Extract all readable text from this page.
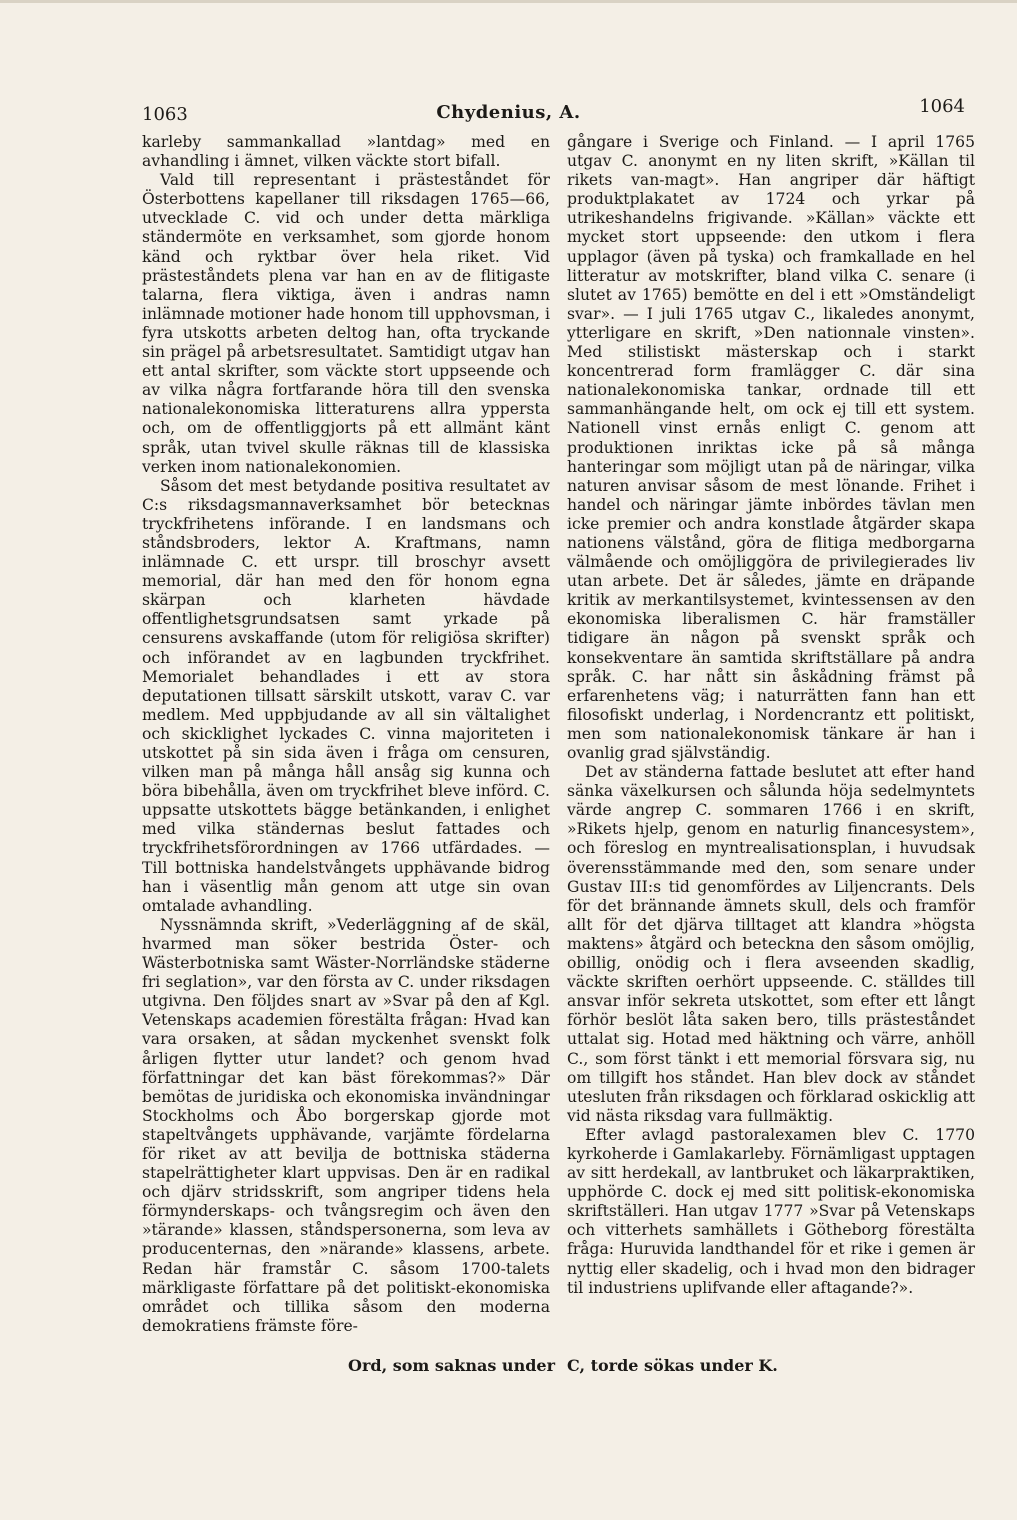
1063	Chydenius, A.	1064

karleby sammankallad »lantdag» med en avhandling i ämnet, vilken väckte stort bifall.

Vald till representant i prästeståndet för Österbottens kapellaner till riksdagen 1765—66, utvecklade C. vid och under detta märkliga ständermöte en verksamhet, som gjorde honom känd och ryktbar över hela riket. Vid prästeståndets plena var han en av de flitigaste talarna, flera viktiga, även i andras namn inlämnade motioner hade honom till upphovsman, i fyra utskotts arbeten deltog han, ofta tryckande sin prägel på arbetsresultatet. Samtidigt utgav han ett antal skrifter, som väckte stort uppseende och av vilka några fortfarande höra till den svenska nationalekonomiska litteraturens allra yppersta och, om de offentliggjorts på ett allmänt känt språk, utan tvivel skulle räknas till de klassiska verken inom nationalekonomien.

Såsom det mest betydande positiva resultatet av C:s riksdagsmannaverksamhet bör betecknas tryckfrihetens införande. I en landsmans och ståndsbroders, lektor A. Kraftmans, namn inlämnade C. ett urspr. till broschyr avsett memorial, där han med den för honom egna skärpan och klarheten hävdade offentlighetsgrundsatsen samt yrkade på censurens avskaffande (utom för religiösa skrifter) och införandet av en lagbunden tryckfrihet. Memorialet behandlades i ett av stora deputationen tillsatt särskilt utskott, varav C. var medlem. Med uppbjudande av all sin vältalighet och skicklighet lyckades C. vinna majoriteten i utskottet på sin sida även i fråga om censuren, vilken man på många håll ansåg sig kunna och böra bibehålla, även om tryckfrihet bleve införd. C. uppsatte utskottets bägge betänkanden, i enlighet med vilka ständernas beslut fattades och tryckfrihetsförordningen av 1766 utfärdades. — Till bottniska handelstvångets upphävande bidrog han i väsentlig mån genom att utge sin ovan omtalade avhandling.

Nyssnämnda skrift, »Vederläggning af de skäl, hvarmed man söker bestrida Öster- och Wästerbotniska samt Wäster-Norrländske städerne fri seglation», var den första av C. under riksdagen utgivna. Den följdes snart av »Svar på den af Kgl. Vetenskaps academien förestälta frågan: Hvad kan vara orsaken, at sådan myckenhet svenskt folk årligen flytter utur landet? och genom hvad författningar det kan bäst förekommas?» Där bemötas de juridiska och ekonomiska invändningar Stockholms och Åbo borgerskap gjorde mot stapeltvångets upphävande, varjämte fördelarna för riket av att bevilja de bottniska städerna stapelrättigheter klart uppvisas. Den är en radikal och djärv stridsskrift, som angriper tidens hela förmynderskaps- och tvångsregim och även den »tärande» klassen, ståndspersonerna, som leva av producenternas, den »närande» klassens, arbete. Redan här framstår C. såsom 1700-talets märkligaste författare på det politiskt-ekonomiska området och tillika såsom den moderna demokratiens främste före-

gångare i Sverige och Finland. — I april 1765 utgav C. anonymt en ny liten skrift, »Källan til rikets van-magt». Han angriper där häftigt produktplakatet av 1724 och yrkar på utrikeshandelns frigivande. »Källan» väckte ett mycket stort uppseende: den utkom i flera upplagor (även på tyska) och framkallade en hel litteratur av motskrifter, bland vilka C. senare (i slutet av 1765) bemötte en del i ett »Omständeligt svar». — I juli 1765 utgav C., likaledes anonymt, ytterligare en skrift, »Den nationnale vinsten». Med stilistiskt mästerskap och i starkt koncentrerad form framlägger C. där sina nationalekonomiska tankar, ordnade till ett sammanhängande helt, om ock ej till ett system. Nationell vinst ernås enligt C. genom att produktionen inriktas icke på så många hanteringar som möjligt utan på de näringar, vilka naturen anvisar såsom de mest lönande. Frihet i handel och näringar jämte inbördes tävlan men icke premier och andra konstlade åtgärder skapa nationens välstånd, göra de flitiga medborgarna välmående och omöjliggöra de privilegierades liv utan arbete. Det är således, jämte en dräpande kritik av merkantilsystemet, kvintessensen av den ekonomiska liberalismen C. här framställer tidigare än någon på svenskt språk och konsekventare än samtida skriftställare på andra språk. C. har nått sin åskådning främst på erfarenhetens väg; i naturrätten fann han ett filosofiskt underlag, i Nordencrantz ett politiskt, men som nationalekonomisk tänkare är han i ovanlig grad självständig.

Det av ständerna fattade beslutet att efter hand sänka växelkursen och sålunda höja sedelmyntets värde angrep C. sommaren 1766 i en skrift, »Rikets hjelp, genom en naturlig financesystem», och föreslog en myntrealisationsplan, i huvudsak överensstämmande med den, som senare under Gustav III:s tid genomfördes av Liljencrants. Dels för det brännande ämnets skull, dels och framför allt för det djärva tilltaget att klandra »högsta maktens» åtgärd och beteckna den såsom omöjlig, obillig, onödig och i flera avseenden skadlig, väckte skriften oerhört uppseende. C. ställdes till ansvar inför sekreta utskottet, som efter ett långt förhör beslöt låta saken bero, tills prästeståndet uttalat sig. Hotad med häktning och värre, anhöll C., som först tänkt i ett memorial försvara sig, nu om tillgift hos ståndet. Han blev dock av ståndet utesluten från riksdagen och förklarad oskicklig att vid nästa riksdag vara fullmäktig.

Efter avlagd pastoralexamen blev C. 1770 kyrkoherde i Gamlakarleby. Förnämligast upptagen av sitt herdekall, av lantbruket och läkarpraktiken, upphörde C. dock ej med sitt politisk-ekonomiska skriftställeri. Han utgav 1777 »Svar på Vetenskaps och vitterhets samhällets i Götheborg förestälta fråga: Huruvida landthandel för et rike i gemen är nyttig eller skadelig, och i hvad mon den bidrager til industriens uplifvande eller aftagande?».

Ord, som saknas under C, torde sökas under K.
